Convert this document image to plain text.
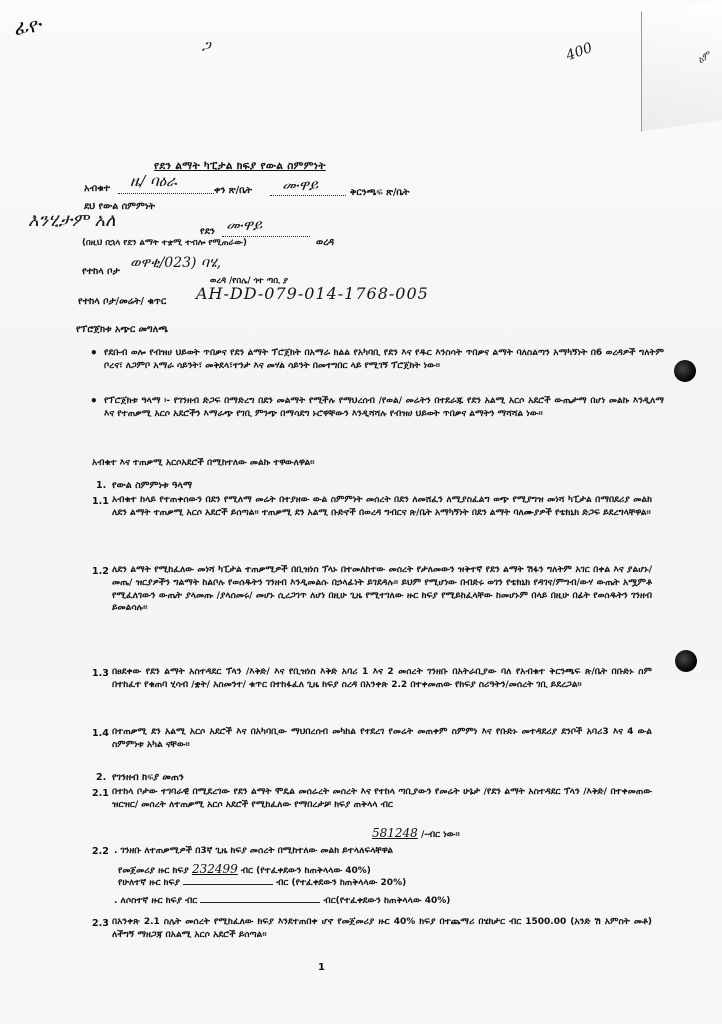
ዕም
400
ፊዮ
ጋ
የደን ልማት ካፒታል ክፍያ የውል ስምምነት
አብቁተ ዜ/ ባዕራ
ቀን ጽ/ቤት ሙዋይ	ቅርንጫፍ ጽ/ቤት
ደህ የውል ሰምምነት
እንሂታም አለ
የደን ሙዋይ
ወረዳ
(በዚህ በኋላ የደን ልማት ተቋሚ ተብሎ የሚጠራው)
የተከላ ቦታ
ወዋቂ/023) ባሄ,
ወረዳ /የበሌ/ ጎተ ጣቢ ያ
የተከላ ቦታ/መሬት/ ቁጥር AH-DD-079-014-1768-005
የፕሮጀክቱ አጭር መግለጫ
• የደቡብ ወሎ የብዝሀ ህይወት ጥበቃና የደን ልማት ፕሮጀክት በአማራ ክልል የአካባቢ የደን እና የዱር እንስሳት ጥበቃና ልማት ባለስልጣን አማካኝነት በ6 ወረዳዎች ግለትም ቦረና፣ ለጋምቦ አማራ ሳይንት፣ መቅደላ፣ተንታ እና መሃል ሳይንት በመተግበር ላይ የሚገኝ ፕሮጀክት ነው፡፡
• የፕሮጀክቱ ዓላማ ፡- የገንዘብ ድጋፍ በማድረግ በደን መልማት የሚችሉ የማህረሰብ /የወል/ መሬትን በተደራጁ የደን አልሚ አርሶ አደሮች ውጤታማ በሆነ መልኩ እንዲለማ እና የተጠቃሚ አርሶ አደሮችን እማራጭ የገቢ ምንጭ በማሳደግ ኑሮዋቸውን እንዲሻሻሉ የብዝሀ ህይወት ጥበቃና ልማትን ማሻሻል ነው፡፡
አብቁተ እና ተጠቃሚ አርሶአደሮች በሚከተለው መልኩ ተዋውለዋል፡፡
1. የውል ስምምነቱ ዓላማ
1.1 አብቁተ ከላይ የተጠቀሰውን በደን የሚለማ መሬት በተያዘው ውል ስምምነት መሰረት በደን ለመሸፈን ለሚያስፈልግ ወጭ የሚያግዝ መነሻ ካፒታል በማበደሪያ መልክ ለደን ልማት ተጠቃሚ አርሶ አደሮች ይሰጣል፡፡ ተጠቃሚ ደን አልሚ ቡድኖች በወረዳ ግብርና ጽ/ቤት አማካኝነት በደን ልማት ባለሙያዎች የቴክኒክ ድጋፍ ይደረግላቸዋል፡፡
1.2 ለደን ልማት የሚከፈለው መነሻ ካፒታል ተጠቃሚዎች በቢዝነስ ፕላኑ በተመለከተው መሰረት የታለመውን ዝቅተኛ የደን ልማት ሽፋን ግለትም አገር በቀል እና ያልሆኑ/መጤ/ ዝርያዎችን ግልማት ከልቦሉ የወሰዱትን ገንዘብ እንዲመልሱ በኃላፊነት ይገደዳሉ፡፡ ይህም የሚሆነው በብድሩ ወገን የቴክኒክ የዳገና/ምግብ/ውሃ ውጤት አሟምቶ የሚፈለገውን ውጤት ያላመጡ /ያላሰመሩ/ መሆኑ ሲረጋገጥ ለሆነ በዚሁ ጊዜ የሚተገለው ዙር ክፍያ የሚይከፈላቸው ከመሆኑም በላይ በዚሁ በፊት የወሰዱትን ገንዘብ ይመልሳሉ፡፡
1.3 በፀደቀው የደን ልማት አስተዳደር ፕላን /እቅድ/ እና የቢዝነስ እቅድ አባሪ 1 እና 2 መሰረት ገንዘቡ በአትራቢያው ባለ የአብቁተ ቅርንጫፍ ጽ/ቤት በቡድኑ ስም በተከፈተ የቁጠባ ሂሳብ /ቋት/ አስመንተ/ ቁጥር በተከፋፈለ ጊዜ ክፍያ ስረዳ በአንቀጽ 2.2 በተቀመጠው የክፍያ ስሪዓትን/መሰረት ገቢ ይደረጋል፡፡
1.4 በተጠቃሚ ደን አልሚ አርሶ አደሮች እና በአካባቢው ማህበረሰብ መካከል የተደረገ የመሬት መጠቀም ስምምነ እና የቡድኑ መተዳደሪያ ደንቦች አባሪ3 እና 4 ውል ስምምነቱ አካል ናቸው፡፡
2. የገንዘብ ክፍያ መጠን
2.1 በተከላ ቦታው ተገባራዊ በሚደረገው የደን ልማት ሞዴል መሰሬረት መሰረት እና የተከላ ጣቢያውን የመሬት ሁኔታ /የደን ልማት አስተዳደር ፕላን /እቅድ/ በተቀመጠው ዝርዝር/ መሰረት ለተጠቃሚ አርሶ አደሮች የሚከፈለው የማበረታቻ ክፍያ ጠቅላላ ብር
581248 /-ብር ነው፡፡
2.2 . ገንዘቡ ለተጠቃሚዎች በ3ኛ ጊዜ ክፍያ መሰረት በሚከተለው መልክ ይተላለፍላቸዋል
የመጀመሪያ ዙር ክፍያ 232499 ብር (የተፈቀደውን ከጠቅላላው 40%)
የሁለተኛ ዙር ክፍያ	ብር (የተፈቀደውን ከጠቅላላው 20%)
. ለሶስተኛ ዙር ክፍያ ብር	ብር(የተፈቀደውን ከጠቅላላው 40%)
2.3 በአንቀጽ 2.1 ስሌት መሰረት የሚከፈለው ክፍያ እንደተጠበቀ ሆኖ የመጀመሪያ ዙር 40% ክፍያ በተጨማሪ በሄክታር ብር 1500.00 (አንድ ሽ አምስት መቶ) ለችግኝ ማዘጋጃ በአልሚ አርሶ አደሮች ይሰጣል፡፡
1
